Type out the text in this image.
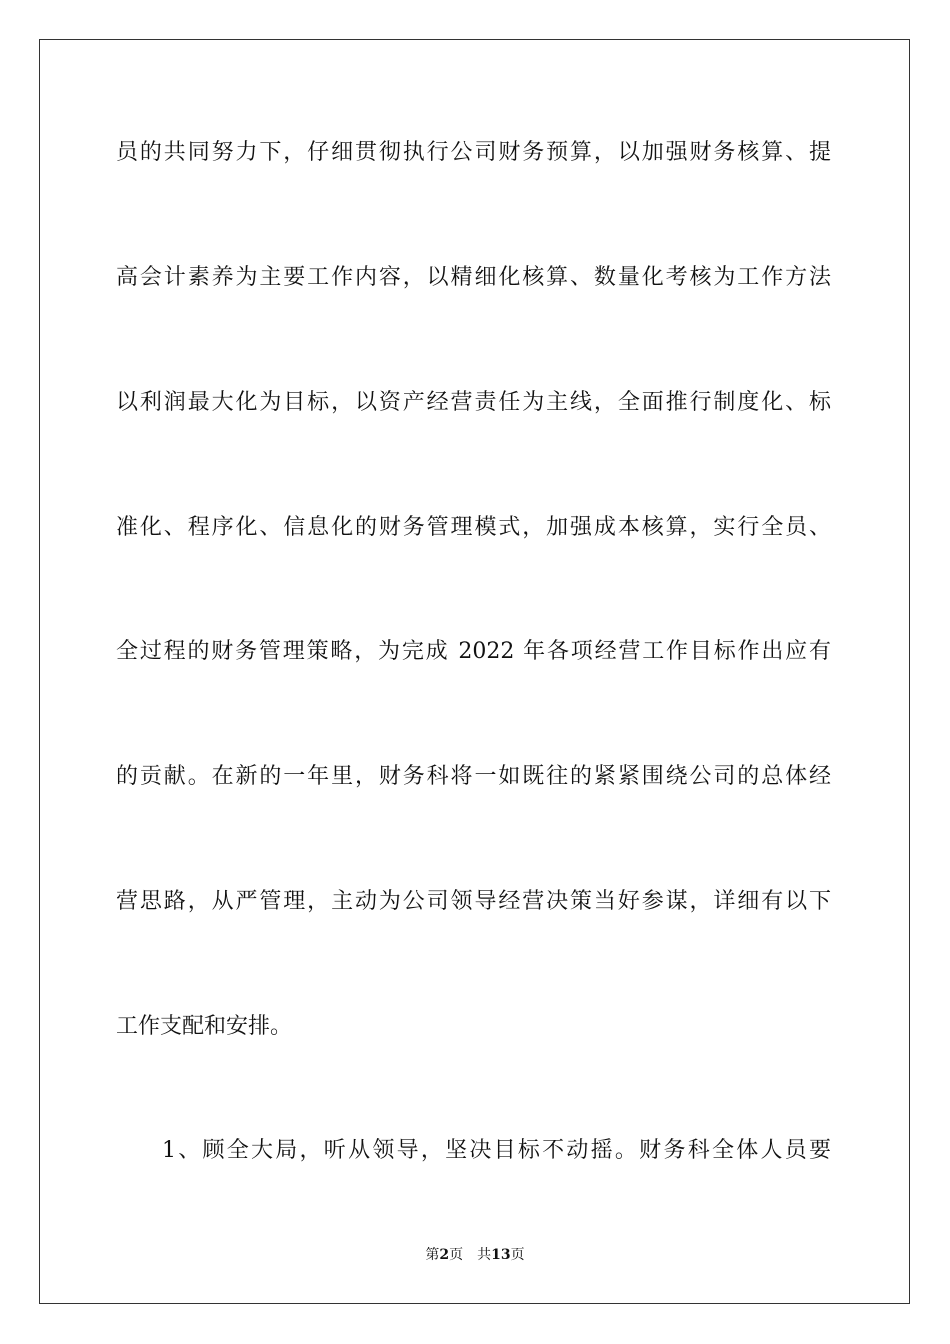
员的共同努力下，仔细贯彻执行公司财务预算，以加强财务核算、提
高会计素养为主要工作内容，以精细化核算、数量化考核为工作方法
以利润最大化为目标，以资产经营责任为主线，全面推行制度化、标
准化、程序化、信息化的财务管理模式，加强成本核算，实行全员、
全过程的财务管理策略，为完成 2022 年各项经营工作目标作出应有
的贡献。在新的一年里，财务科将一如既往的紧紧围绕公司的总体经
营思路，从严管理，主动为公司领导经营决策当好参谋，详细有以下
工作支配和安排。
1、顾全大局，听从领导，坚决目标不动摇。财务科全体人员要
第2页 共13页
